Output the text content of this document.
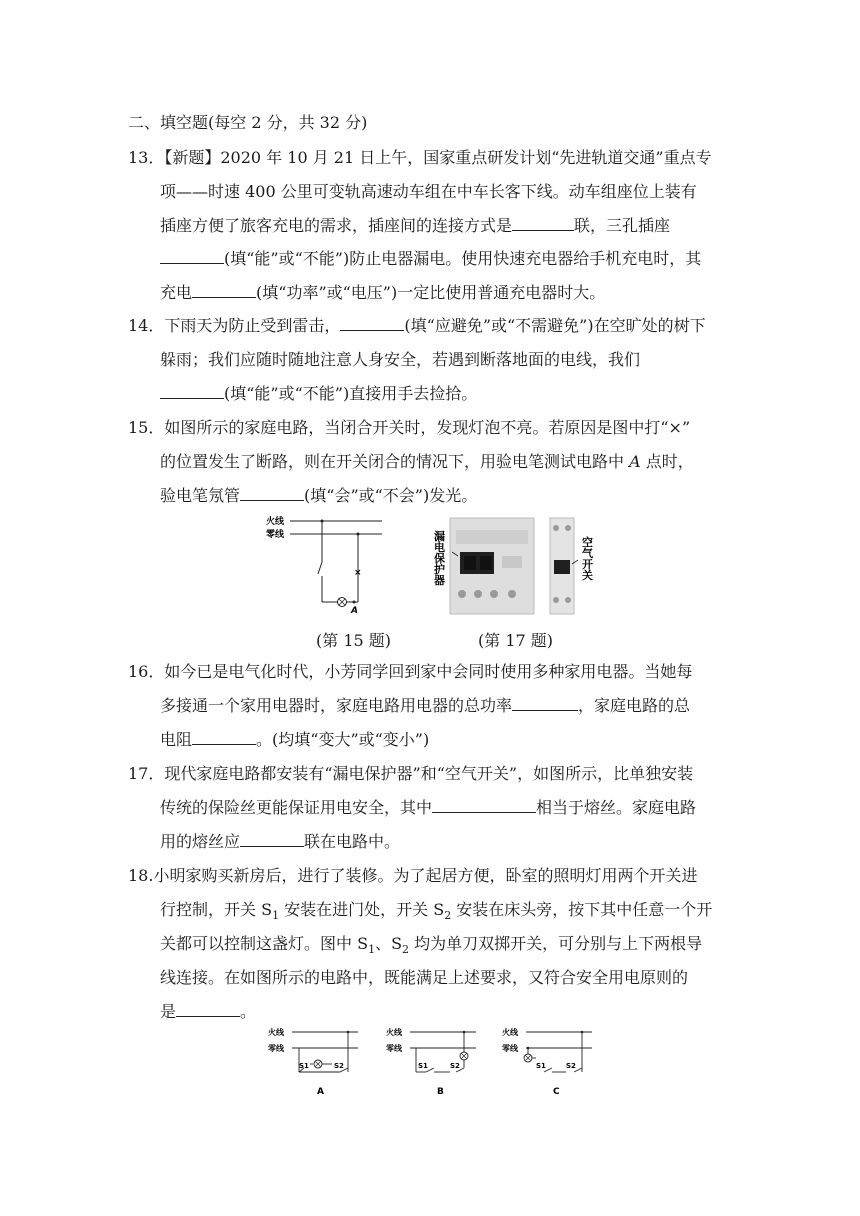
二、填空题(每空 2 分，共 32 分)
13．【新题】2020 年 10 月 21 日上午，国家重点研发计划“先进轨道交通”重点专
项——时速 400 公里可变轨高速动车组在中车长客下线。动车组座位上装有
插座方便了旅客充电的需求，插座间的连接方式是	联，三孔插座
(填“能”或“不能”)防止电器漏电。使用快速充电器给手机充电时，其
充电	(填“功率”或“电压”)一定比使用普通充电器时大。
14．下雨天为防止受到雷击，	(填“应避免”或“不需避免”)在空旷处的树下
躲雨；我们应随时随地注意人身安全，若遇到断落地面的电线，我们
(填“能”或“不能”)直接用手去捡拾。
15．如图所示的家庭电路，当闭合开关时，发现灯泡不亮。若原因是图中打“×”
的位置发生了断路，则在开关闭合的情况下，用验电笔测试电路中 A 点时，
验电笔氖管	(填“会”或“不会”)发光。
火线
零线
A
×
漏电保护器
空气开关
(第 15 题)	(第 17 题)
16．如今已是电气化时代，小芳同学回到家中会同时使用多种家用电器。当她每
多接通一个家用电器时，家庭电路用电器的总功率	，家庭电路的总
电阻	。(均填“变大”或“变小”)
17．现代家庭电路都安装有“漏电保护器”和“空气开关”，如图所示，比单独安装
传统的保险丝更能保证用电安全，其中	相当于熔丝。家庭电路
用的熔丝应	联在电路中。
18.小明家购买新房后，进行了装修。为了起居方便，卧室的照明灯用两个开关进
行控制，开关 $S_1$ 安装在进门处，开关 $S_2$ 安装在床头旁，按下其中任意一个开
关都可以控制这盏灯。图中 $S_1$、$S_2$ 均为单刀双掷开关，可分别与上下两根导
线连接。在如图所示的电路中，既能满足上述要求，又符合安全用电原则的
是	。
火线
零线
S1	S2
A
火线
零线
S1	S2
B
火线
零线
S1	S2
C
